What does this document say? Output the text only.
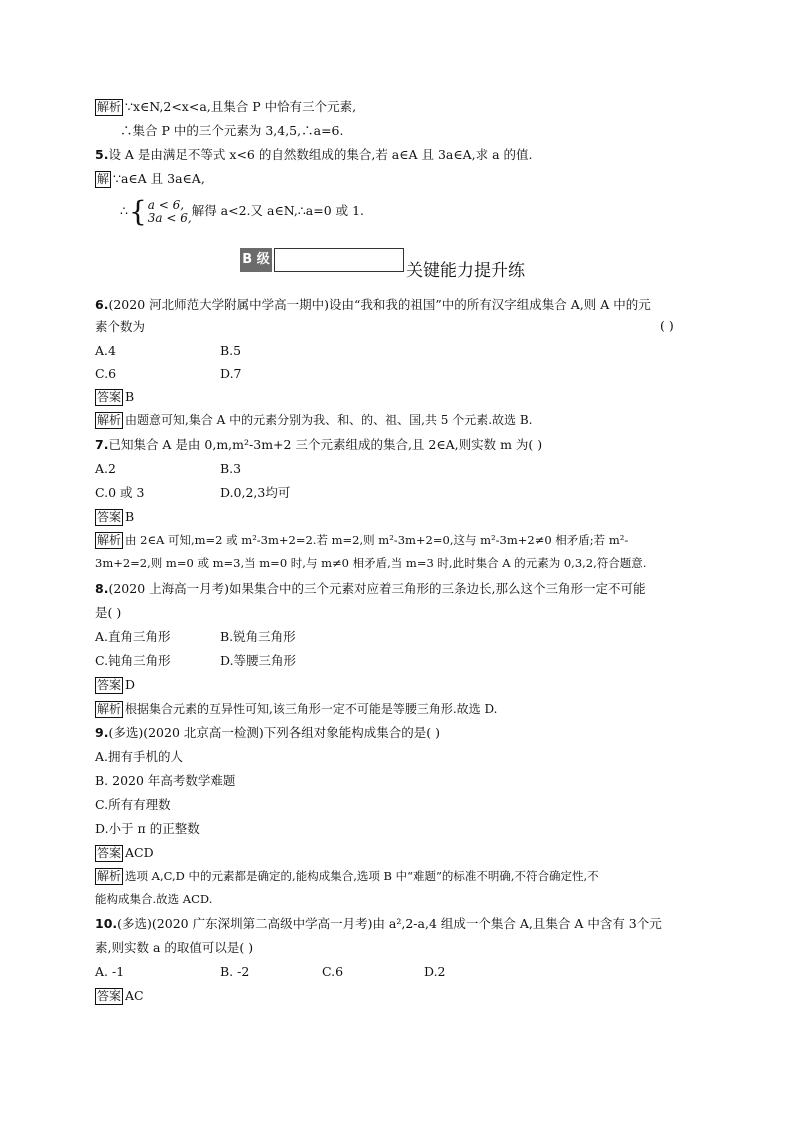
解析 ∵x∈N,2<x<a,且集合 P 中恰有三个元素,
∴集合 P 中的三个元素为 3,4,5,∴a=6.
5.设 A 是由满足不等式 x<6 的自然数组成的集合,若 a∈A 且 3a∈A,求 a 的值.
解 ∵a∈A 且 3a∈A,
∴{a < 6,
3a < 6,解得 a<2.又 a∈N,∴a=0 或 1.
B 级
关键能力提升练
6.(2020 河北师范大学附属中学高一期中)设由“我和我的祖国”中的所有汉字组成集合 A,则 A 中的元
素个数为	( )
A.4	B.5
C.6	D.7
答案 B
解析 由题意可知,集合 A 中的元素分别为我、和、的、祖、国,共 5 个元素.故选 B.
7.已知集合 A 是由 0,m,m²-3m+2 三个元素组成的集合,且 2∈A,则实数 m 为( )
A.2	B.3
C.0 或 3	D.0,2,3均可
答案 B
解析 由 2∈A 可知,m=2 或 m²-3m+2=2.若 m=2,则 m²-3m+2=0,这与 m²-3m+2≠0 相矛盾;若 m²-
3m+2=2,则 m=0 或 m=3,当 m=0 时,与 m≠0 相矛盾,当 m=3 时,此时集合 A 的元素为 0,3,2,符合题意.
8.(2020 上海高一月考)如果集合中的三个元素对应着三角形的三条边长,那么这个三角形一定不可能
是( )
A.直角三角形	B.锐角三角形
C.钝角三角形	D.等腰三角形
答案 D
解析 根据集合元素的互异性可知,该三角形一定不可能是等腰三角形.故选 D.
9.(多选)(2020 北京高一检测)下列各组对象能构成集合的是( )
A.拥有手机的人
B. 2020 年高考数学难题
C.所有有理数
D.小于 π 的正整数
答案 ACD
解析 选项 A,C,D 中的元素都是确定的,能构成集合,选项 B 中“难题”的标准不明确,不符合确定性,不
能构成集合.故选 ACD.
10.(多选)(2020 广东深圳第二高级中学高一月考)由 a²,2-a,4 组成一个集合 A,且集合 A 中含有 3个元
素,则实数 a 的取值可以是( )
A. -1	B. -2	C.6	D.2
答案 AC
